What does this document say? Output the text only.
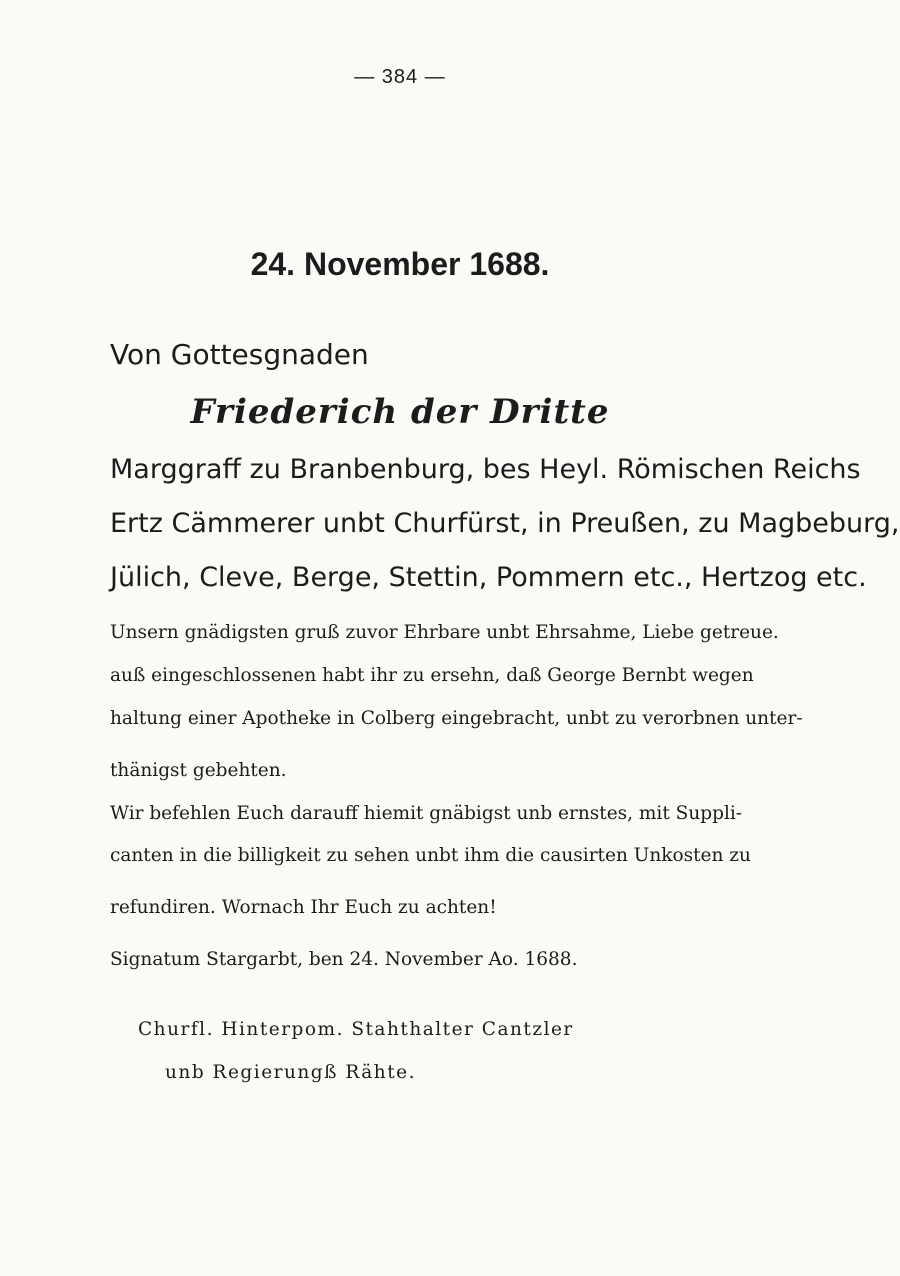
— 384 —
24. November 1688.
Von Gottesgnaden
Friederich der Dritte
Marggraff zu Branbenburg, bes Heyl. Römischen Reichs
Ertz Cämmerer unbt Churfürst, in Preußen, zu Magbeburg,
Jülich, Cleve, Berge, Stettin, Pommern etc., Hertzog etc.
Unsern gnädigsten gruß zuvor Ehrbare unbt Ehrsahme, Liebe getreue.
auß eingeschlossenen habt ihr zu ersehn, daß George Bernbt wegen
haltung einer Apotheke in Colberg eingebracht, unbt zu verorbnen unter-
thänigst gebehten.
Wir befehlen Euch darauff hiemit gnäbigst unb ernstes, mit Suppli-
canten in die billigkeit zu sehen unbt ihm die causirten Unkosten zu
refundiren. Wornach Ihr Euch zu achten!
Signatum Stargarbt, ben 24. November Ao. 1688.
Churfl. Hinterpom. Stahthalter Cantzler
unb Regierungß Rähte.
